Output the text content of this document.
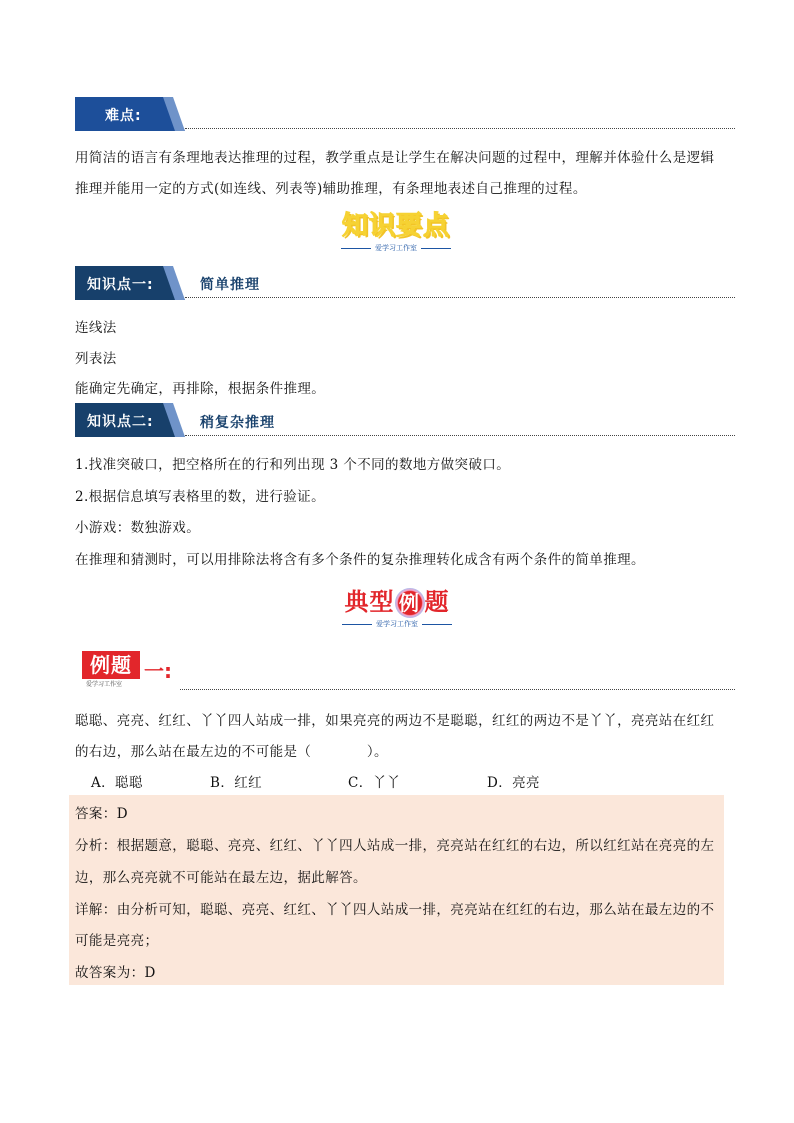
难点:
用简洁的语言有条理地表达推理的过程，教学重点是让学生在解决问题的过程中，理解并体验什么是逻辑
推理并能用一定的方式(如连线、列表等)辅助推理，有条理地表述自己推理的过程。
知识要点
爱学习工作室
知识点一:	简单推理
连线法
列表法
能确定先确定，再排除，根据条件推理。
知识点二:	稍复杂推理
1.找准突破口，把空格所在的行和列出现 3 个不同的数地方做突破口。
2.根据信息填写表格里的数，进行验证。
小游戏：数独游戏。
在推理和猜测时，可以用排除法将含有多个条件的复杂推理转化成含有两个条件的简单推理。
典型 例 题
爱学习工作室
例题
爱学习工作室
一:
聪聪、亮亮、红红、丫丫四人站成一排，如果亮亮的两边不是聪聪，红红的两边不是丫丫，亮亮站在红红
的右边，那么站在最左边的不可能是（　　　　）。
A．聪聪	B．红红	C．丫丫	D．亮亮
答案：D
分析：根据题意，聪聪、亮亮、红红、丫丫四人站成一排，亮亮站在红红的右边，所以红红站在亮亮的左
边，那么亮亮就不可能站在最左边，据此解答。
详解：由分析可知，聪聪、亮亮、红红、丫丫四人站成一排，亮亮站在红红的右边，那么站在最左边的不
可能是亮亮；
故答案为：D
